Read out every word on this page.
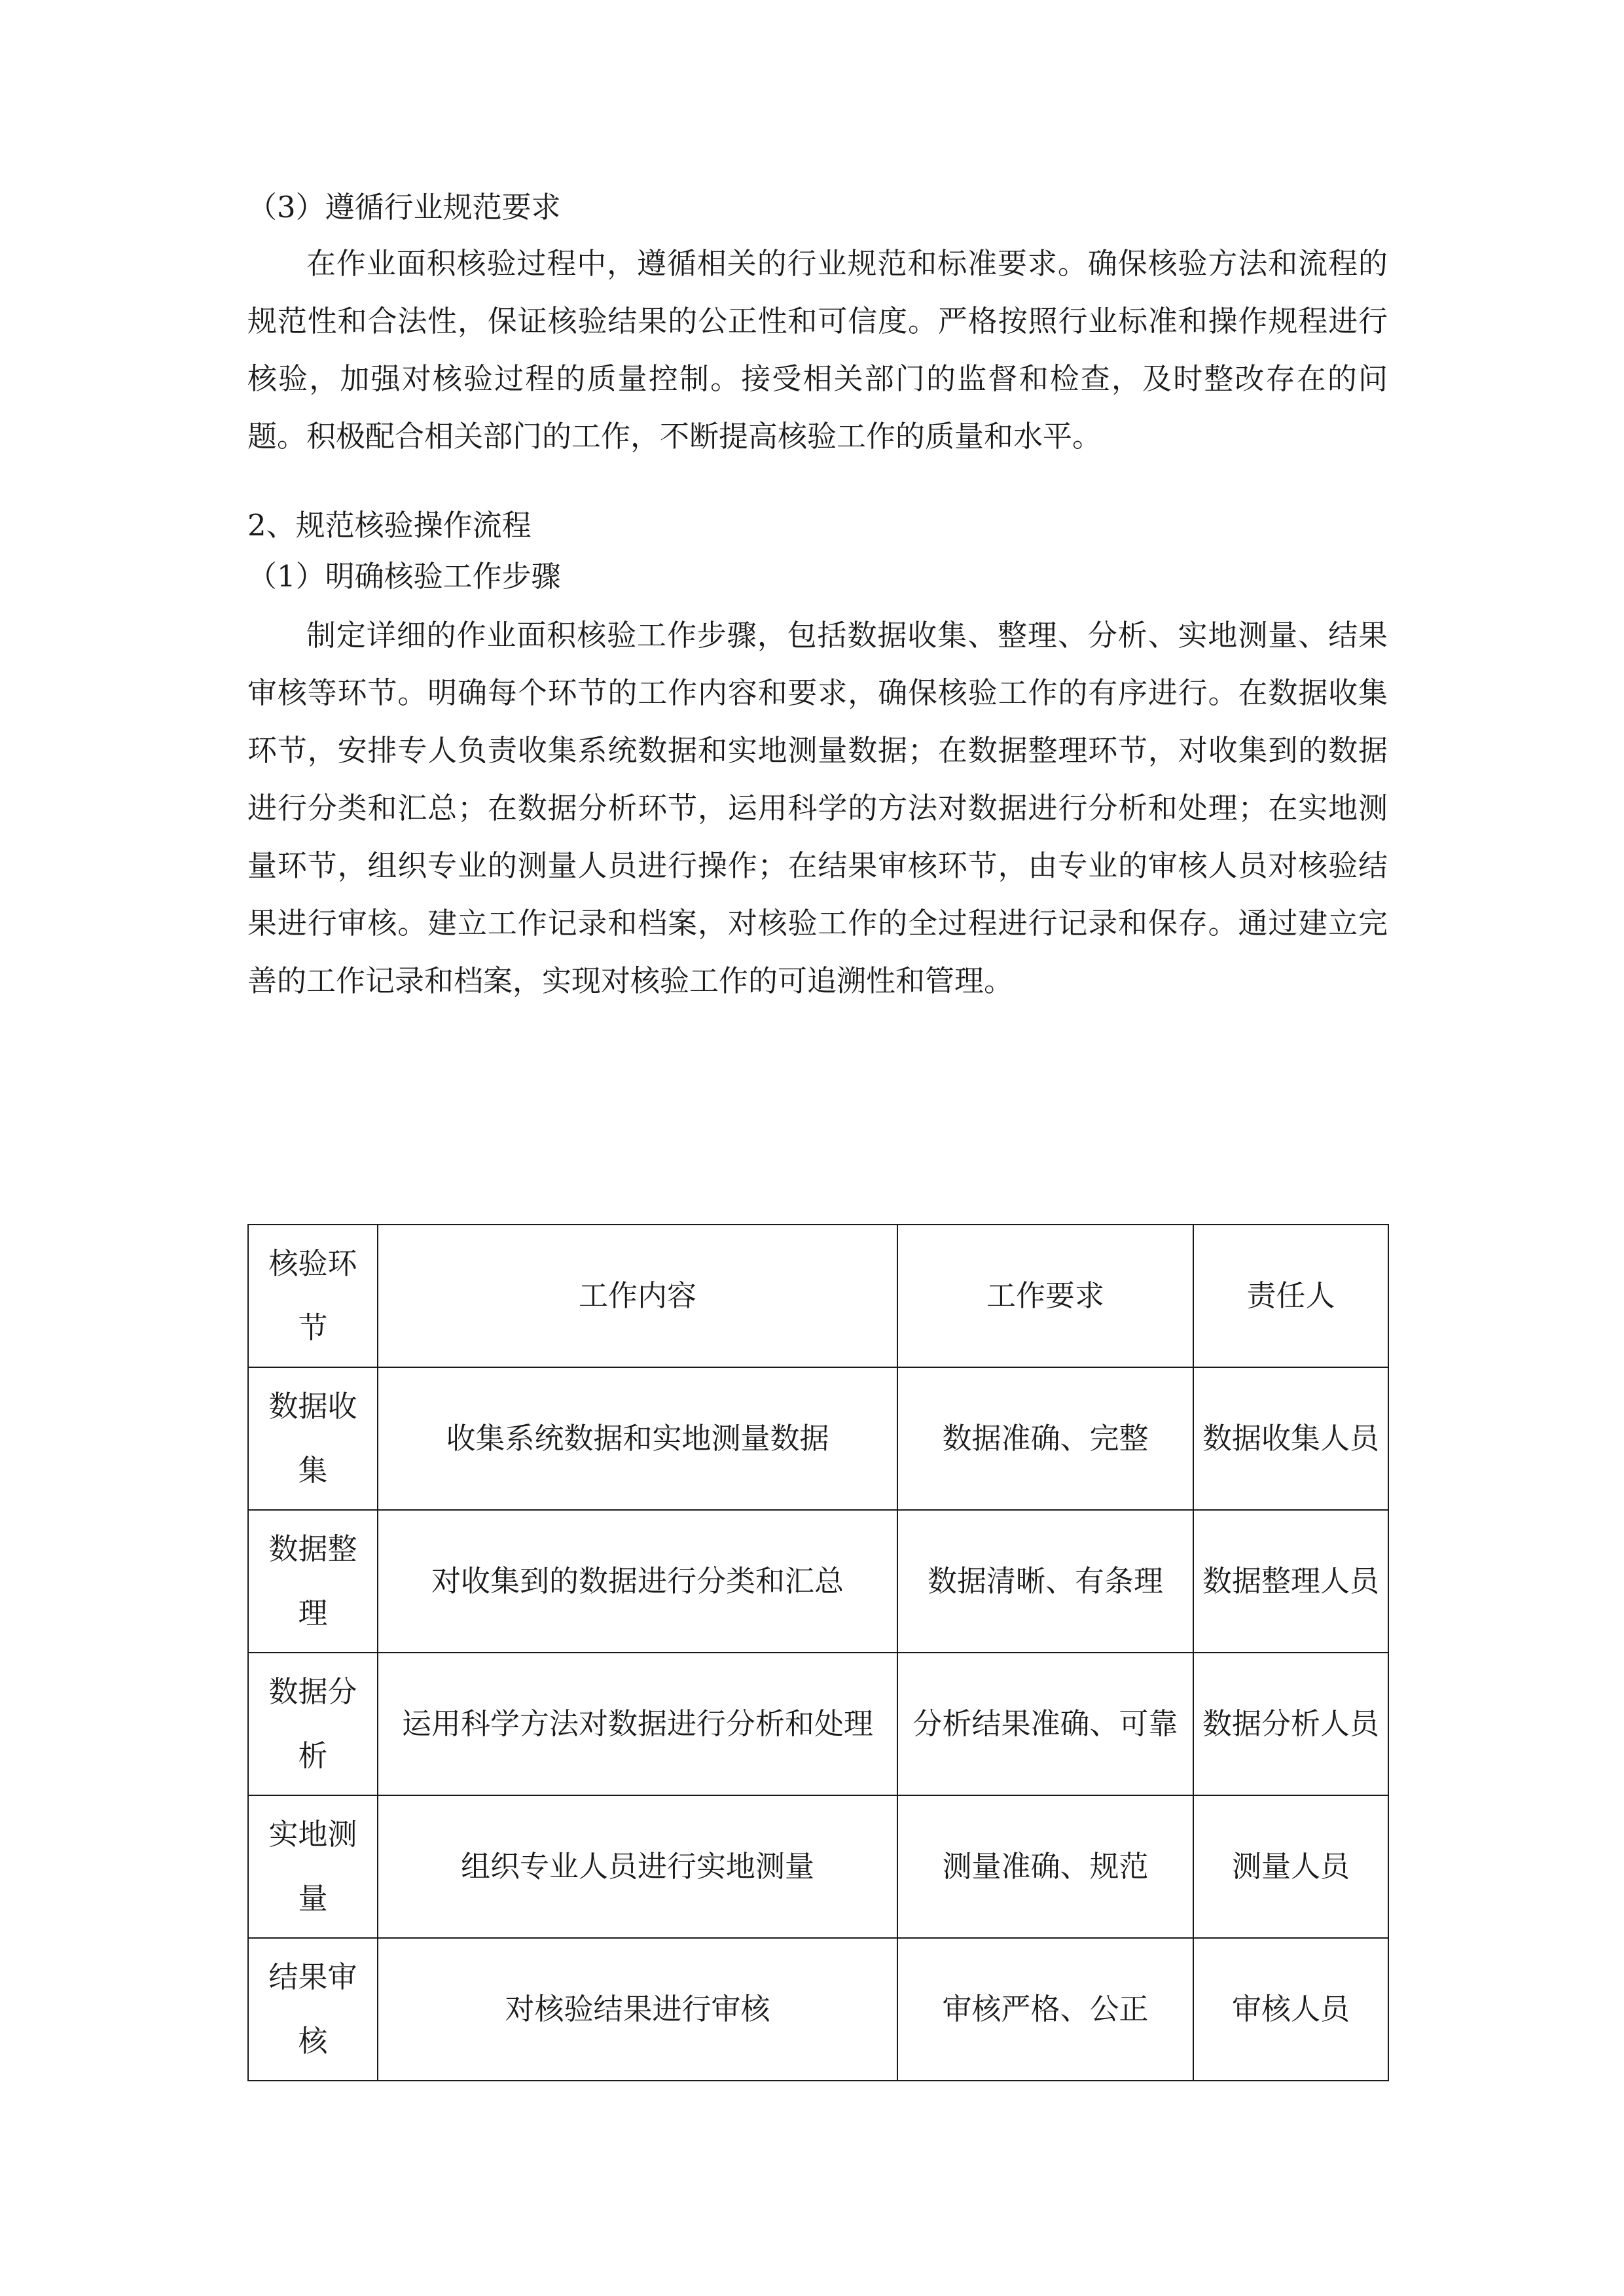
（3）遵循行业规范要求

在作业面积核验过程中，遵循相关的行业规范和标准要求。确保核验方法和流程的规范性和合法性，保证核验结果的公正性和可信度。严格按照行业标准和操作规程进行核验，加强对核验过程的质量控制。接受相关部门的监督和检查，及时整改存在的问题。积极配合相关部门的工作，不断提高核验工作的质量和水平。

2、规范核验操作流程

（1）明确核验工作步骤

制定详细的作业面积核验工作步骤，包括数据收集、整理、分析、实地测量、结果审核等环节。明确每个环节的工作内容和要求，确保核验工作的有序进行。在数据收集环节，安排专人负责收集系统数据和实地测量数据；在数据整理环节，对收集到的数据进行分类和汇总；在数据分析环节，运用科学的方法对数据进行分析和处理；在实地测量环节，组织专业的测量人员进行操作；在结果审核环节，由专业的审核人员对核验结果进行审核。建立工作记录和档案，对核验工作的全过程进行记录和保存。通过建立完善的工作记录和档案，实现对核验工作的可追溯性和管理。

核验环节	工作内容	工作要求	责任人
数据收集	收集系统数据和实地测量数据	数据准确、完整	数据收集人员
数据整理	对收集到的数据进行分类和汇总	数据清晰、有条理	数据整理人员
数据分析	运用科学方法对数据进行分析和处理	分析结果准确、可靠	数据分析人员
实地测量	组织专业人员进行实地测量	测量准确、规范	测量人员
结果审核	对核验结果进行审核	审核严格、公正	审核人员
